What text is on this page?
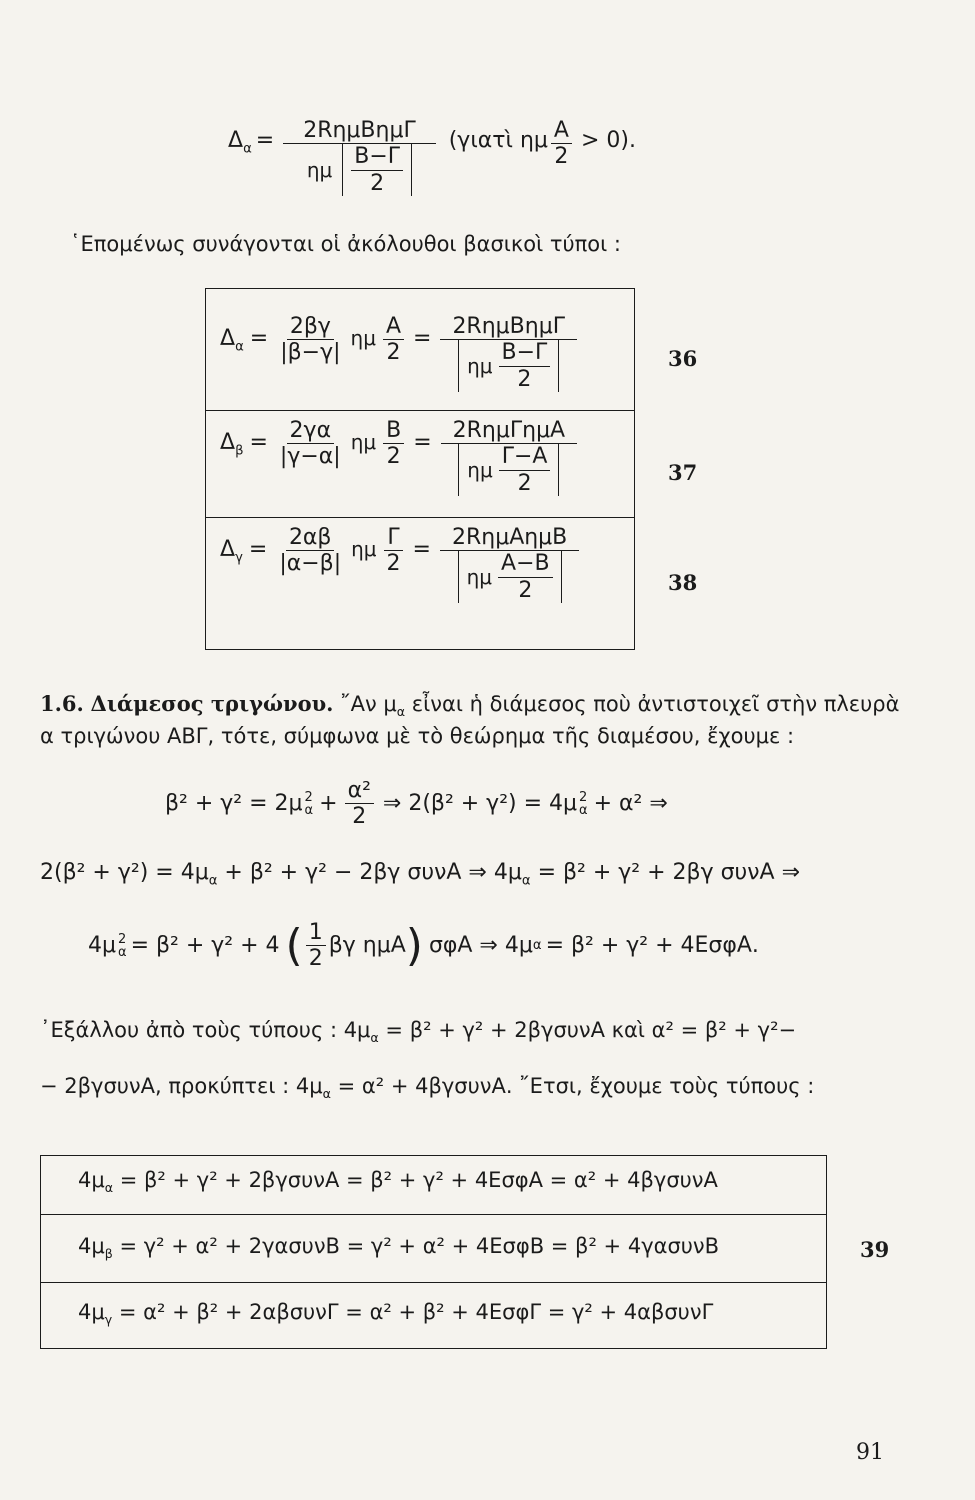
$\Delta_\alpha = \frac{\text{2RημΒημΓ}}{\eta\mu \frac{B-\Gamma}{2}}$ (γιατὶ ημ $\frac{A}{2} > 0$).
῾Επομένως συνάγονται οἱ ἀκόλουθοι βασικοὶ τύποι :
$\Delta_\alpha = \frac{2\beta\gamma}{|\beta-\gamma|}$ ημ $\frac{A}{2} = \frac{\text{2RημΒημΓ}}{\eta\mu \frac{B-\Gamma}{2}}$	36
$\Delta_\beta = \frac{2\gamma\alpha}{|\gamma-\alpha|}$ ημ $\frac{B}{2} = \frac{\text{2RημΓημΑ}}{\eta\mu \frac{\Gamma-A}{2}}$	37
$\Delta_\gamma = \frac{2\alpha\beta}{|\alpha-\beta|}$ ημ $\frac{\Gamma}{2} = \frac{\text{2RημΑημΒ}}{\eta\mu \frac{A-B}{2}}$	38
1.6. Διάμεσος τριγώνου. ῎Αν $\mu_\alpha$ εἶναι ἡ διάμεσος ποὺ ἀντιστοιχεῖ στὴν πλευρὰ
α τριγώνου ΑΒΓ, τότε, σύμφωνα μὲ τὸ θεώρημα τῆς διαμέσου, ἔχουμε :
β² + γ² = 2μ 2
$\alpha + \frac{\text{α²}}{2}$ ⇒ 2(β² + γ²) = 4μ 2
α + α² ⇒
$2(\beta^2 + \gamma^2) = 4\mu_\alpha + \beta^2 + \gamma^2 - 2\beta\gamma$ συνΑ ⇒ $4\mu_\alpha = \beta^2 + \gamma^2 + 2\beta\gamma$ συνΑ ⇒
4μ 2
α = β² + γ² + 4 ( $\frac{1}{2}$ βγ ημΑ ) σφΑ ⇒ 4μ α = β² + γ² + 4ΕσφΑ.
᾿Εξάλλου ἀπὸ τοὺς τύπους : $4\mu_\alpha = \beta^2 + \gamma^2 + 2\beta\gamma\sigma\upsilon\nu A$ καὶ α² = β² + γ²−
− 2βγσυνΑ, προκύπτει : $4\mu_\alpha = \alpha^2 + 4\beta\gamma\sigma\upsilon\nu A$. ῎Ετσι, ἔχουμε τοὺς τύπους :
$4\mu_\alpha = \beta^2 + \gamma^2 + 2\beta\gamma\sigma\upsilon\nu A = \beta^2 + \gamma^2 + 4E\sigma\varphi A = \alpha^2 + 4\beta\gamma\sigma\upsilon\nu A$
$4\mu_\beta = \gamma^2 + \alpha^2 + 2\gamma\alpha\sigma\upsilon\nu B = \gamma^2 + \alpha^2 + 4E\sigma\varphi B = \beta^2 + 4\gamma\alpha\sigma\upsilon\nu B$
$4\mu_\gamma = \alpha^2 + \beta^2 + 2\alpha\beta\sigma\upsilon\nu\Gamma = \alpha^2 + \beta^2 + 4E\sigma\varphi\Gamma = \gamma^2 + 4\alpha\beta\sigma\upsilon\nu\Gamma$
39
91
